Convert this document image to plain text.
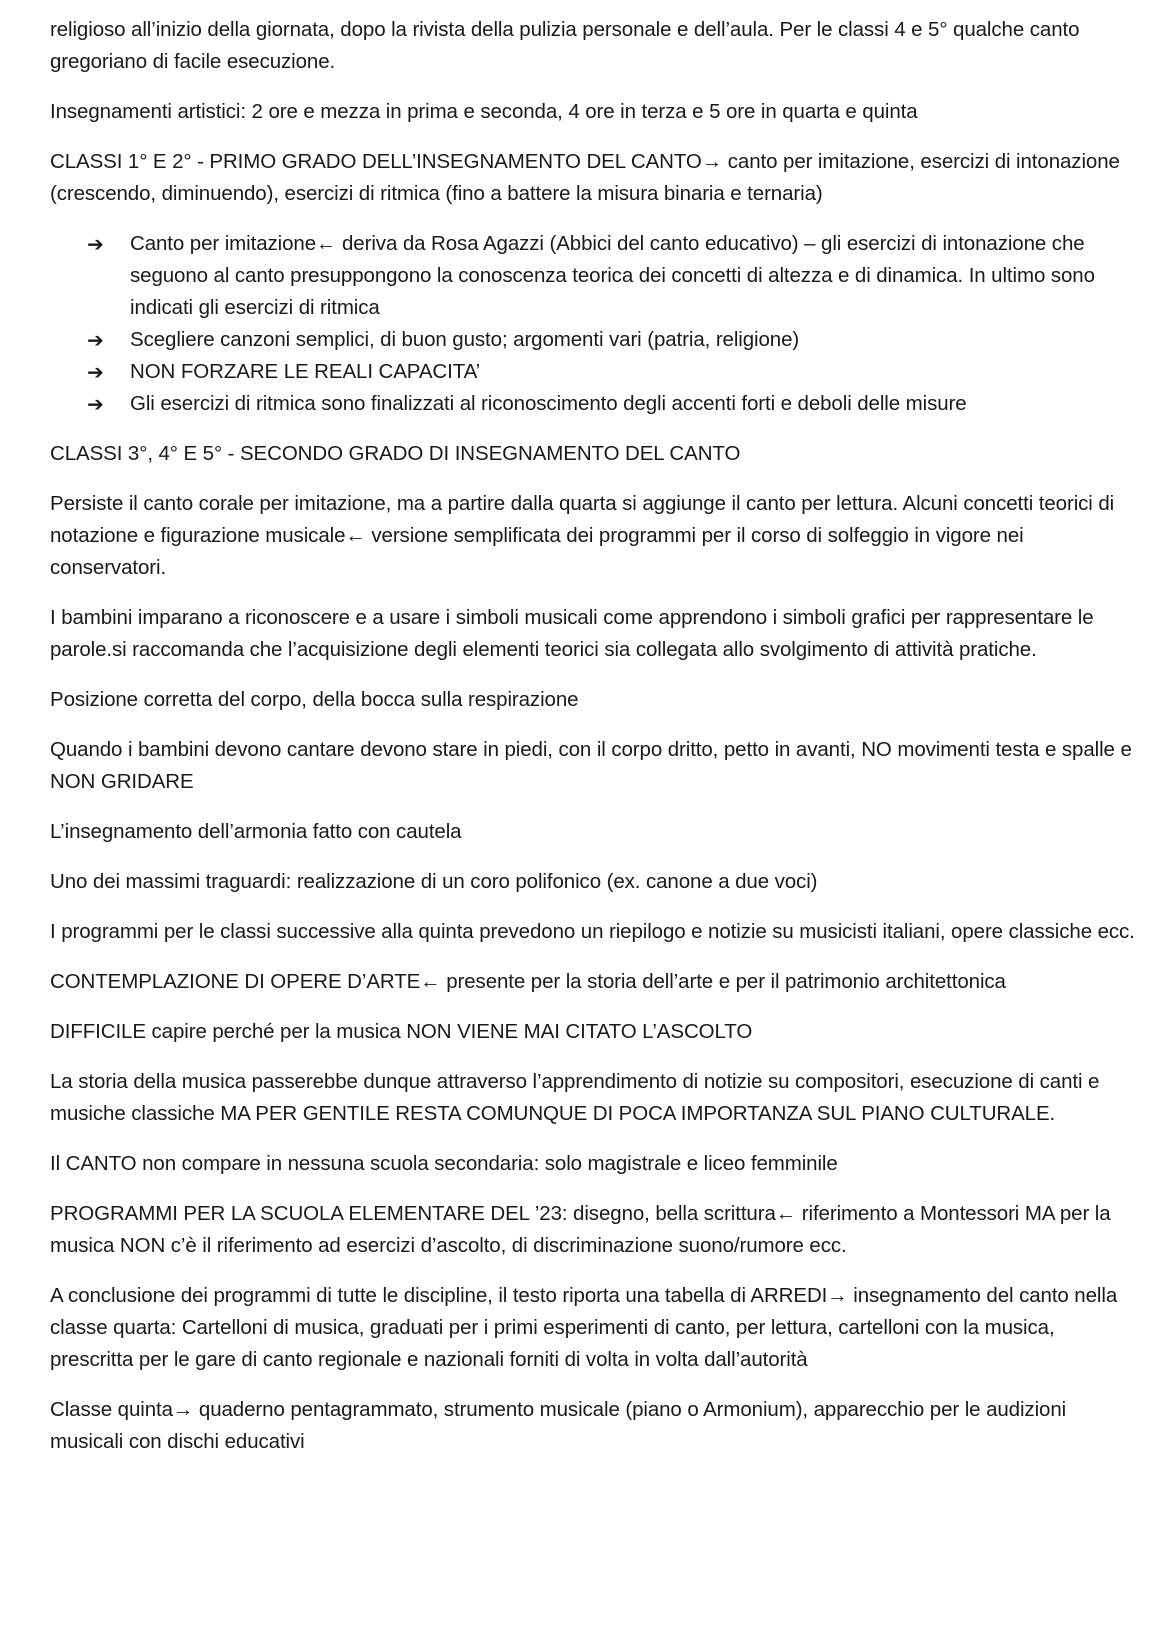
religioso all’inizio della giornata, dopo la rivista della pulizia personale e dell’aula. Per le classi 4 e 5° qualche canto gregoriano di facile esecuzione.

Insegnamenti artistici: 2 ore e mezza in prima e seconda, 4 ore in terza e 5 ore in quarta e quinta

CLASSI 1° E 2° - PRIMO GRADO DELL’INSEGNAMENTO DEL CANTO→ canto per imitazione, esercizi di intonazione (crescendo, diminuendo), esercizi di ritmica (fino a battere la misura binaria e ternaria)

➔	Canto per imitazione← deriva da Rosa Agazzi (Abbici del canto educativo) – gli esercizi di intonazione che seguono al canto presuppongono la conoscenza teorica dei concetti di altezza e di dinamica. In ultimo sono indicati gli esercizi di ritmica
➔	Scegliere canzoni semplici, di buon gusto; argomenti vari (patria, religione)
➔	NON FORZARE LE REALI CAPACITA’
➔	Gli esercizi di ritmica sono finalizzati al riconoscimento degli accenti forti e deboli delle misure

CLASSI 3°, 4° E 5° - SECONDO GRADO DI INSEGNAMENTO DEL CANTO

Persiste il canto corale per imitazione, ma a partire dalla quarta si aggiunge il canto per lettura. Alcuni concetti teorici di notazione e figurazione musicale← versione semplificata dei programmi per il corso di solfeggio in vigore nei conservatori.

I bambini imparano a riconoscere e a usare i simboli musicali come apprendono i simboli grafici per rappresentare le parole.si raccomanda che l’acquisizione degli elementi teorici sia collegata allo svolgimento di attività pratiche.

Posizione corretta del corpo, della bocca sulla respirazione

Quando i bambini devono cantare devono stare in piedi, con il corpo dritto, petto in avanti, NO movimenti testa e spalle e NON GRIDARE

L’insegnamento dell’armonia fatto con cautela

Uno dei massimi traguardi: realizzazione di un coro polifonico (ex. canone a due voci)

I programmi per le classi successive alla quinta prevedono un riepilogo e notizie su musicisti italiani, opere classiche ecc.

CONTEMPLAZIONE DI OPERE D’ARTE← presente per la storia dell’arte e per il patrimonio architettonica

DIFFICILE capire perché per la musica NON VIENE MAI CITATO L’ASCOLTO

La storia della musica passerebbe dunque attraverso l’apprendimento di notizie su compositori, esecuzione di canti e musiche classiche MA PER GENTILE RESTA COMUNQUE DI POCA IMPORTANZA SUL PIANO CULTURALE.

Il CANTO non compare in nessuna scuola secondaria: solo magistrale e liceo femminile

PROGRAMMI PER LA SCUOLA ELEMENTARE DEL ’23: disegno, bella scrittura← riferimento a Montessori MA per la musica NON c’è il riferimento ad esercizi d’ascolto, di discriminazione suono/rumore ecc.

A conclusione dei programmi di tutte le discipline, il testo riporta una tabella di ARREDI→ insegnamento del canto nella classe quarta: Cartelloni di musica, graduati per i primi esperimenti di canto, per lettura, cartelloni con la musica, prescritta per le gare di canto regionale e nazionali forniti di volta in volta dall’autorità

Classe quinta→ quaderno pentagrammato, strumento musicale (piano o Armonium), apparecchio per le audizioni musicali con dischi educativi
